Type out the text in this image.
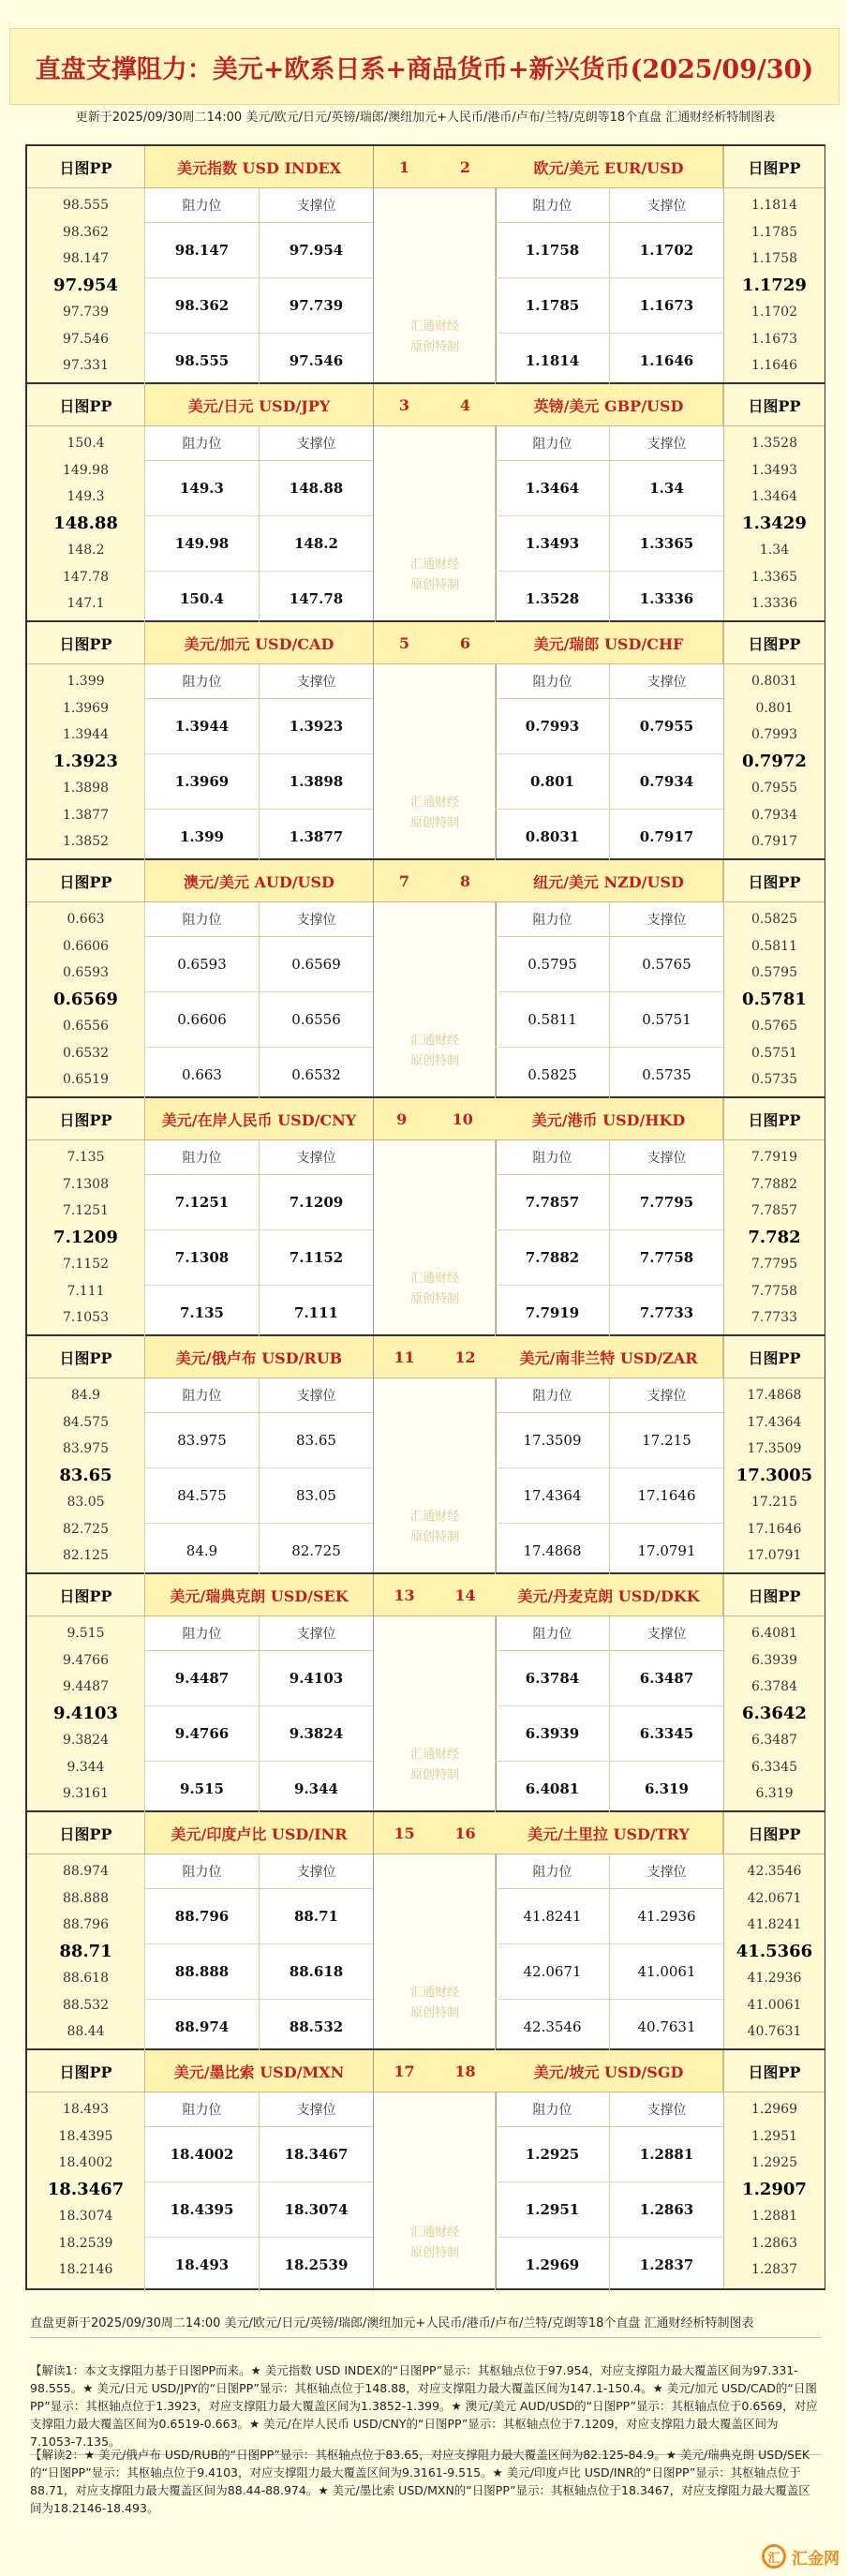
直盘支撑阻力：美元+欧系日系+商品货币+新兴货币(2025/09/30)
更新于2025/09/30周二14:00 美元/欧元/日元/英镑/瑞郎/澳纽加元+人民币/港币/卢布/兰特/克朗等18个直盘 汇通财经析特制图表
日图PP
98.555
98.362
98.147
97.954
97.739
97.546
97.331
美元指数 USD INDEX
阻力位	支撑位
98.147	97.954
98.362	97.739
98.555	97.546
1	2
汇通财经
原创特制
欧元/美元 EUR/USD
阻力位	支撑位
1.1758	1.1702
1.1785	1.1673
1.1814	1.1646
日图PP
1.1814
1.1785
1.1758
1.1729
1.1702
1.1673
1.1646
日图PP
150.4
149.98
149.3
148.88
148.2
147.78
147.1
美元/日元 USD/JPY
阻力位	支撑位
149.3	148.88
149.98	148.2
150.4	147.78
3	4
汇通财经
原创特制
英镑/美元 GBP/USD
阻力位	支撑位
1.3464	1.34
1.3493	1.3365
1.3528	1.3336
日图PP
1.3528
1.3493
1.3464
1.3429
1.34
1.3365
1.3336
日图PP
1.399
1.3969
1.3944
1.3923
1.3898
1.3877
1.3852
美元/加元 USD/CAD
阻力位	支撑位
1.3944	1.3923
1.3969	1.3898
1.399	1.3877
5	6
汇通财经
原创特制
美元/瑞郎 USD/CHF
阻力位	支撑位
0.7993	0.7955
0.801	0.7934
0.8031	0.7917
日图PP
0.8031
0.801
0.7993
0.7972
0.7955
0.7934
0.7917
日图PP
0.663
0.6606
0.6593
0.6569
0.6556
0.6532
0.6519
澳元/美元 AUD/USD
阻力位	支撑位
0.6593	0.6569
0.6606	0.6556
0.663	0.6532
7	8
汇通财经
原创特制
纽元/美元 NZD/USD
阻力位	支撑位
0.5795	0.5765
0.5811	0.5751
0.5825	0.5735
日图PP
0.5825
0.5811
0.5795
0.5781
0.5765
0.5751
0.5735
日图PP
7.135
7.1308
7.1251
7.1209
7.1152
7.111
7.1053
美元/在岸人民币 USD/CNY
阻力位	支撑位
7.1251	7.1209
7.1308	7.1152
7.135	7.111
9	10
汇通财经
原创特制
美元/港币 USD/HKD
阻力位	支撑位
7.7857	7.7795
7.7882	7.7758
7.7919	7.7733
日图PP
7.7919
7.7882
7.7857
7.782
7.7795
7.7758
7.7733
日图PP
84.9
84.575
83.975
83.65
83.05
82.725
82.125
美元/俄卢布 USD/RUB
阻力位	支撑位
83.975	83.65
84.575	83.05
84.9	82.725
11	12
汇通财经
原创特制
美元/南非兰特 USD/ZAR
阻力位	支撑位
17.3509	17.215
17.4364	17.1646
17.4868	17.0791
日图PP
17.4868
17.4364
17.3509
17.3005
17.215
17.1646
17.0791
日图PP
9.515
9.4766
9.4487
9.4103
9.3824
9.344
9.3161
美元/瑞典克朗 USD/SEK
阻力位	支撑位
9.4487	9.4103
9.4766	9.3824
9.515	9.344
13	14
汇通财经
原创特制
美元/丹麦克朗 USD/DKK
阻力位	支撑位
6.3784	6.3487
6.3939	6.3345
6.4081	6.319
日图PP
6.4081
6.3939
6.3784
6.3642
6.3487
6.3345
6.319
日图PP
88.974
88.888
88.796
88.71
88.618
88.532
88.44
美元/印度卢比 USD/INR
阻力位	支撑位
88.796	88.71
88.888	88.618
88.974	88.532
15	16
汇通财经
原创特制
美元/土里拉 USD/TRY
阻力位	支撑位
41.8241	41.2936
42.0671	41.0061
42.3546	40.7631
日图PP
42.3546
42.0671
41.8241
41.5366
41.2936
41.0061
40.7631
日图PP
18.493
18.4395
18.4002
18.3467
18.3074
18.2539
18.2146
美元/墨比索 USD/MXN
阻力位	支撑位
18.4002	18.3467
18.4395	18.3074
18.493	18.2539
17	18
汇通财经
原创特制
美元/坡元 USD/SGD
阻力位	支撑位
1.2925	1.2881
1.2951	1.2863
1.2969	1.2837
日图PP
1.2969
1.2951
1.2925
1.2907
1.2881
1.2863
1.2837
直盘更新于2025/09/30周二14:00 美元/欧元/日元/英镑/瑞郎/澳纽加元+人民币/港币/卢布/兰特/克朗等18个直盘 汇通财经析特制图表
【解读1：本文支撑阻力基于日图PP而来。★ 美元指数 USD INDEX的“日图PP”显示：其枢轴点位于97.954，对应支撑阻力最大覆盖区间为97.331-98.555。★ 美元/日元 USD/JPY的“日图PP”显示：其枢轴点位于148.88，对应支撑阻力最大覆盖区间为147.1-150.4。★ 美元/加元 USD/CAD的“日图PP”显示：其枢轴点位于1.3923，对应支撑阻力最大覆盖区间为1.3852-1.399。★ 澳元/美元 AUD/USD的“日图PP”显示：其枢轴点位于0.6569，对应支撑阻力最大覆盖区间为0.6519-0.663。★ 美元/在岸人民币 USD/CNY的“日图PP”显示：其枢轴点位于7.1209，对应支撑阻力最大覆盖区间为7.1053-7.135。
【解读2：★ 美元/俄卢布 USD/RUB的“日图PP”显示：其枢轴点位于83.65，对应支撑阻力最大覆盖区间为82.125-84.9。★ 美元/瑞典克朗 USD/SEK的“日图PP”显示：其枢轴点位于9.4103，对应支撑阻力最大覆盖区间为9.3161-9.515。★ 美元/印度卢比 USD/INR的“日图PP”显示：其枢轴点位于88.71，对应支撑阻力最大覆盖区间为88.44-88.974。★ 美元/墨比索 USD/MXN的“日图PP”显示：其枢轴点位于18.3467，对应支撑阻力最大覆盖区间为18.2146-18.493。
汇 汇金网
